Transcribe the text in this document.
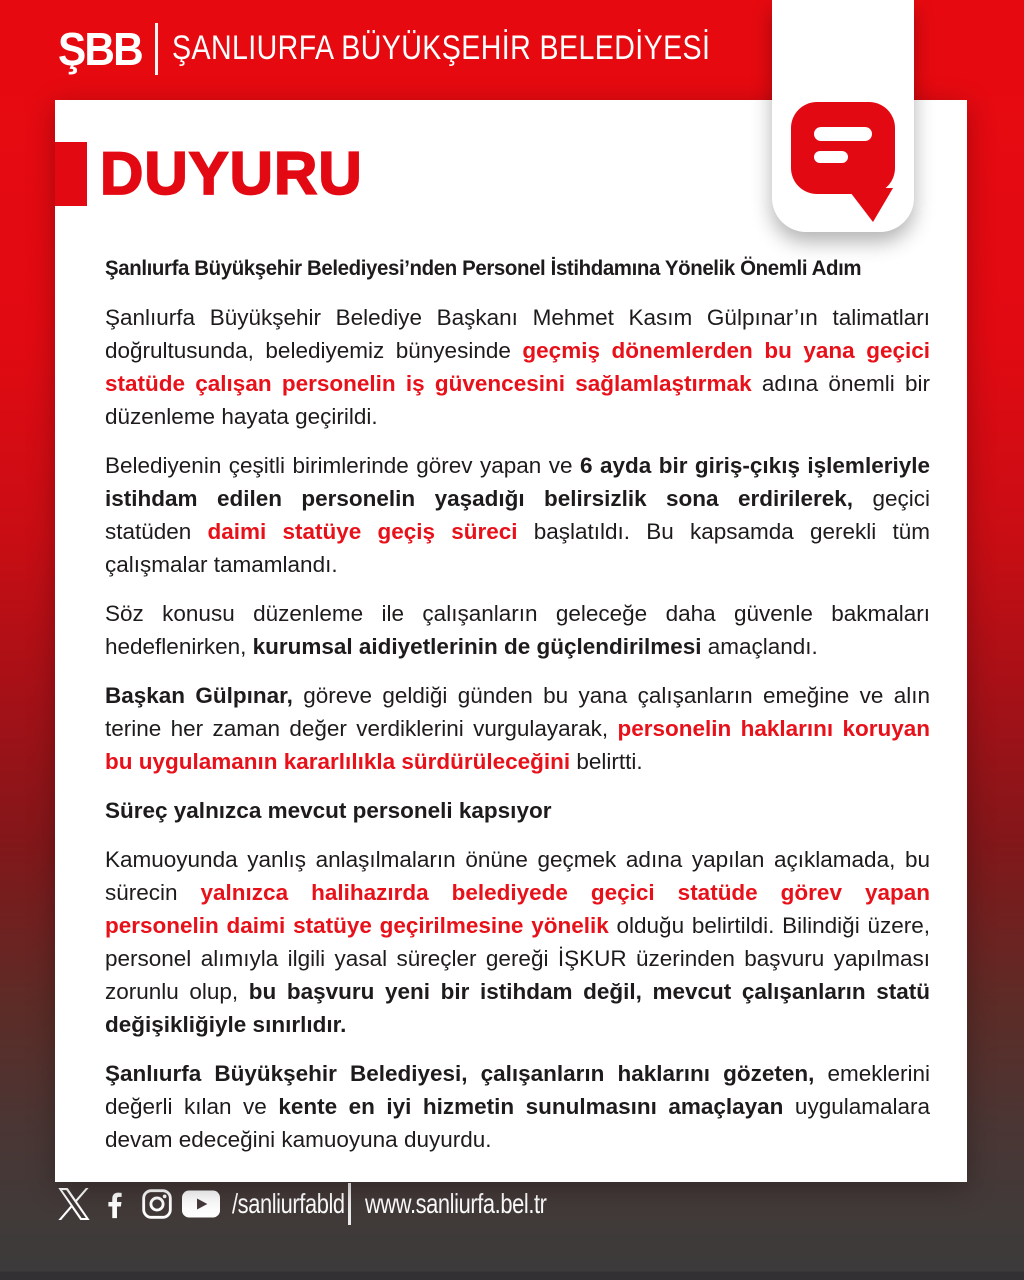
ŞBB ŞANLIURFA BÜYÜKŞEHİR BELEDİYESİ
DUYURU

Şanlıurfa Büyükşehir Belediyesi’nden Personel İstihdamına Yönelik Önemli Adım

Şanlıurfa Büyükşehir Belediye Başkanı Mehmet Kasım Gülpınar’ın talimatları doğrultusunda, belediyemiz bünyesinde geçmiş dönemlerden bu yana geçici statüde çalışan personelin iş güvencesini sağlamlaştırmak adına önemli bir düzenleme hayata geçirildi.

Belediyenin çeşitli birimlerinde görev yapan ve 6 ayda bir giriş-çıkış işlemleriyle istihdam edilen personelin yaşadığı belirsizlik sona erdirilerek, geçici statüden daimi statüye geçiş süreci başlatıldı. Bu kapsamda gerekli tüm çalışmalar tamamlandı.

Söz konusu düzenleme ile çalışanların geleceğe daha güvenle bakmaları hedeflenirken, kurumsal aidiyetlerinin de güçlendirilmesi amaçlandı.

Başkan Gülpınar, göreve geldiği günden bu yana çalışanların emeğine ve alın terine her zaman değer verdiklerini vurgulayarak, personelin haklarını koruyan bu uygulamanın kararlılıkla sürdürüleceğini belirtti.

Süreç yalnızca mevcut personeli kapsıyor

Kamuoyunda yanlış anlaşılmaların önüne geçmek adına yapılan açıklamada, bu sürecin yalnızca halihazırda belediyede geçici statüde görev yapan personelin daimi statüye geçirilmesine yönelik olduğu belirtildi. Bilindiği üzere, personel alımıyla ilgili yasal süreçler gereği İŞKUR üzerinden başvuru yapılması zorunlu olup, bu başvuru yeni bir istihdam değil, mevcut çalışanların statü değişikliğiyle sınırlıdır.

Şanlıurfa Büyükşehir Belediyesi, çalışanların haklarını gözeten, emeklerini değerli kılan ve kente en iyi hizmetin sunulmasını amaçlayan uygulamalara devam edeceğini kamuoyuna duyurdu.

/sanliurfabld www.sanliurfa.bel.tr
